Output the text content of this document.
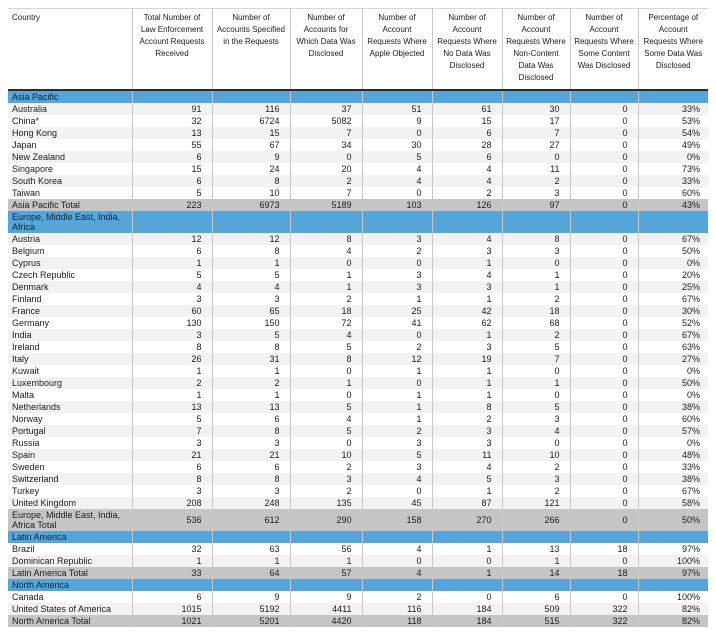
Country	Total Number of Law Enforcement Account Requests Received	Number of Accounts Specified in the Requests	Number of Accounts for Which Data Was Disclosed	Number of Account Requests Where Apple Objected	Number of Account Requests Where No Data Was Disclosed	Number of Account Requests Where Non-Content Data Was Disclosed	Number of Account Requests Where Some Content Was Disclosed	Percentage of Account Requests Where Some Data Was Disclosed
Asia Pacific								
Australia	91	116	37	51	61	30	0	33%
China*	32	6724	5082	9	15	17	0	53%
Hong Kong	13	15	7	0	6	7	0	54%
Japan	55	67	34	30	28	27	0	49%
New Zealand	6	9	0	5	6	0	0	0%
Singapore	15	24	20	4	4	11	0	73%
South Korea	6	8	2	4	4	2	0	33%
Taiwan	5	10	7	0	2	3	0	60%
Asia Pacific Total	223	6973	5189	103	126	97	0	43%
Europe, Middle East, India, Africa								
Austria	12	12	8	3	4	8	0	67%
Belgium	6	8	4	2	3	3	0	50%
Cyprus	1	1	0	0	1	0	0	0%
Czech Republic	5	5	1	3	4	1	0	20%
Denmark	4	4	1	3	3	1	0	25%
Finland	3	3	2	1	1	2	0	67%
France	60	65	18	25	42	18	0	30%
Germany	130	150	72	41	62	68	0	52%
India	3	5	4	0	1	2	0	67%
Ireland	8	8	5	2	3	5	0	63%
Italy	26	31	8	12	19	7	0	27%
Kuwait	1	1	0	1	1	0	0	0%
Luxembourg	2	2	1	0	1	1	0	50%
Malta	1	1	0	1	1	0	0	0%
Netherlands	13	13	5	1	8	5	0	38%
Norway	5	6	4	1	2	3	0	60%
Portugal	7	8	5	2	3	4	0	57%
Russia	3	3	0	3	3	0	0	0%
Spain	21	21	10	5	11	10	0	48%
Sweden	6	6	2	3	4	2	0	33%
Switzerland	8	8	3	4	5	3	0	38%
Turkey	3	3	2	0	1	2	0	67%
United Kingdom	208	248	135	45	87	121	0	58%
Europe, Middle East, India, Africa Total	536	612	290	158	270	266	0	50%
Latin America								
Brazil	32	63	56	4	1	13	18	97%
Dominican Republic	1	1	1	0	0	1	0	100%
Latin America Total	33	64	57	4	1	14	18	97%
North America								
Canada	6	9	9	2	0	6	0	100%
United States of America	1015	5192	4411	116	184	509	322	82%
North America Total	1021	5201	4420	118	184	515	322	82%
